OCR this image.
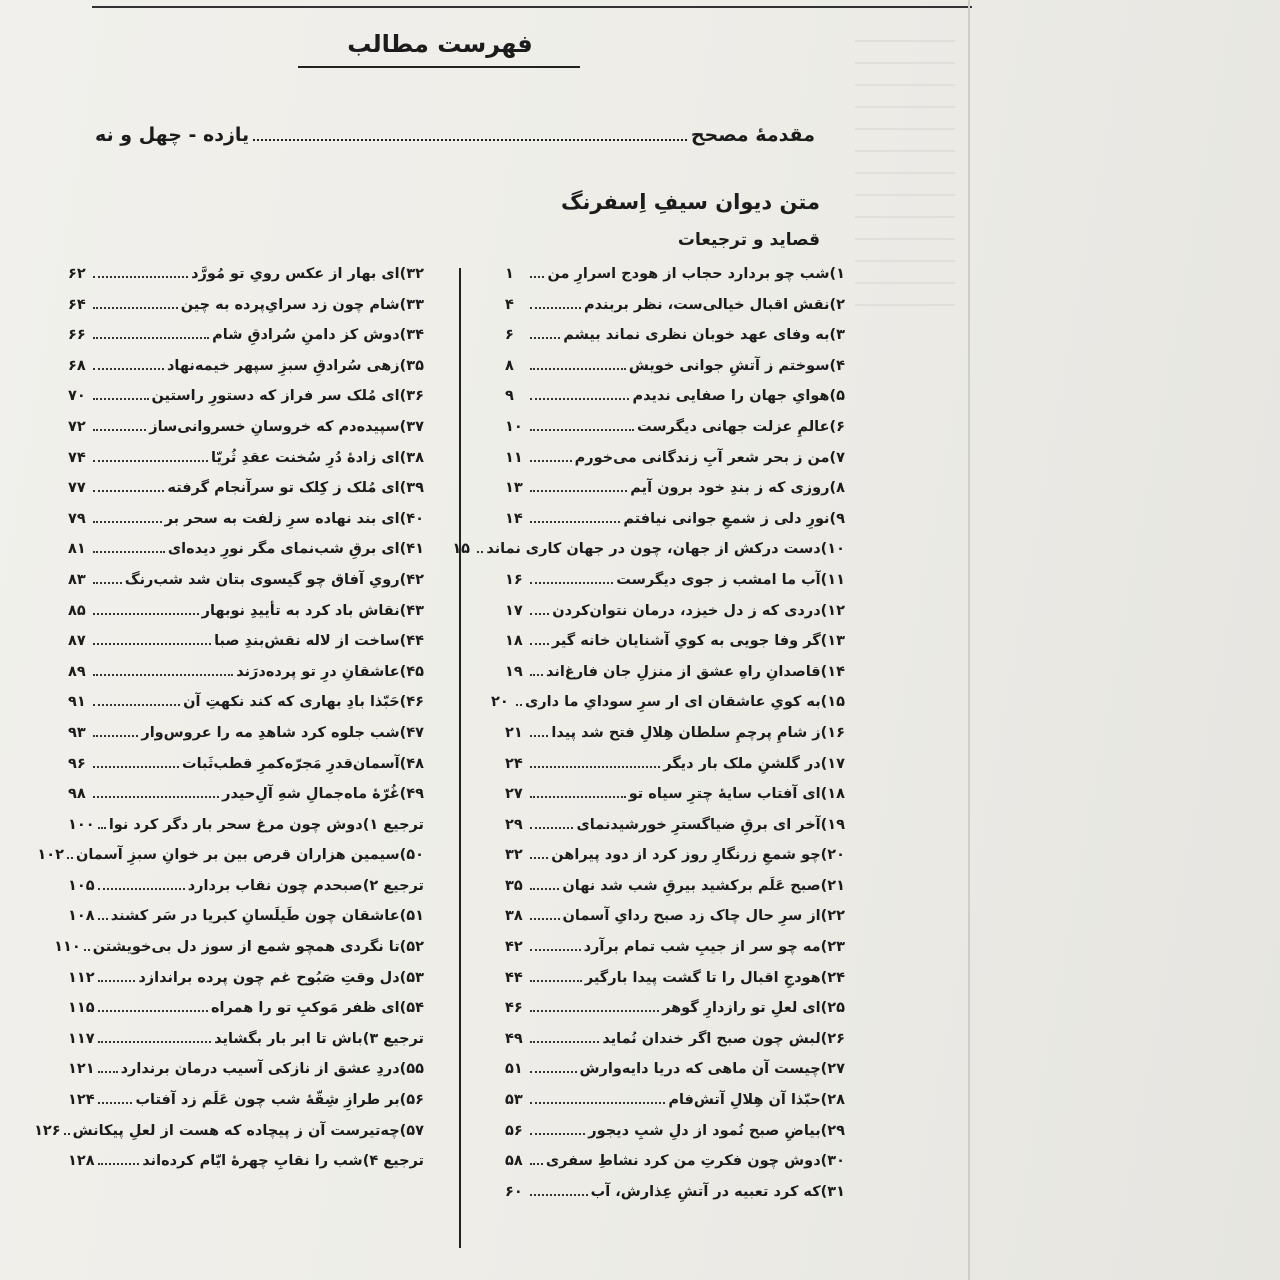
فهرست مطالب
مقدمهٔ مصحح
یازده - چهل و نه
متن دیوان سیفِ اِسفرنگ
قصاید و ترجیعات
۱)
شب چو بردارد حجاب از هودج اسرارِ من
۱
۲)
نقش اقبال خیالی‌ست، نظر بربندم
۴
۳)
به وفای عهد خوبان نظری نماند بیشم
۶
۴)
سوختم ز آتشِ جوانی خویش
۸
۵)
هوایِ جهان را صفایی ندیدم
۹
۶)
عالمِ عزلت جهانی دیگرست
۱۰
۷)
من ز بحر شعر آبِ زندگانی می‌خورم
۱۱
۸)
روزی که ز بندِ خود برون آیم
۱۳
۹)
نورِ دلی ز شمعِ جوانی نیافتم
۱۴
۱۰)
دست درکش از جهان، چون در جهان کاری نماند
۱۵
۱۱)
آب ما امشب ز جوی دیگرست
۱۶
۱۲)
دردی که ز دل خیزد، درمان نتوان‌کردن
۱۷
۱۳)
گر وفا جویی به کویِ آشنایان خانه گیر
۱۸
۱۴)
قاصدانِ راهِ عشق از منزلِ جان فارغ‌اند
۱۹
۱۵)
به کویِ عاشقان ای ار سرِ سودایِ ما داری
۲۰
۱۶)
ز شامِ پرچمِ سلطان هِلالِ فتح شد پیدا
۲۱
۱۷)
در گلشنِ ملک بار دیگر
۲۴
۱۸)
ای آفتاب سایهٔ چترِ سیاه تو
۲۷
۱۹)
آخر ای برقِ ضیاگسترِ خورشیدنمای
۲۹
۲۰)
چو شمعِ زرنگارِ روز کرد از دود پیراهن
۳۲
۲۱)
صبح عَلَم برکشید بیرقِ شب شد نهان
۳۵
۲۲)
از سرِ حال چاک زد صبح ردایِ آسمان
۳۸
۲۳)
مه چو سر از جیبِ شب تمام برآرد
۴۲
۲۴)
هودجِ اقبال را تا گشت پیدا بارگیر
۴۴
۲۵)
ای لعلِ تو رازدارِ گوهر
۴۶
۲۶)
لبش چون صبح اگر خندان نُماید
۴۹
۲۷)
چیست آن ماهی که دریا دایه‌وارش
۵۱
۲۸)
حبّذا آن هِلالِ آتش‌فام
۵۳
۲۹)
بیاضِ صبح نُمود از دلِ شبِ دیجور
۵۶
۳۰)
دوش چون فکرتِ من کرد نشاطِ سفری
۵۸
۳۱)
که کرد تعبیه در آتشِ عِذارش، آب
۶۰
۳۲)
ای بهار از عکس رویِ تو مُورَّد
۶۲
۳۳)
شام چون زد سرایِ‌پرده به چین
۶۴
۳۴)
دوش کز دامنِ سُرادقِ شام
۶۶
۳۵)
زهی سُرادقِ سبزِ سپهر خیمه‌نهاد
۶۸
۳۶)
ای مُلک سر فراز که دستورِ راستین
۷۰
۳۷)
سپیده‌دم که خروسانِ خسروانی‌ساز
۷۲
۳۸)
ای زادهٔ دُرِ سُخنت عقدِ ثُریّا
۷۴
۳۹)
ای مُلک ز کِلک تو سرآنجام گرفته
۷۷
۴۰)
ای بند نهاده سرِ زلفت به سحر بر
۷۹
۴۱)
ای برقِ شب‌نمای مگر نورِ دیده‌ای
۸۱
۴۲)
رویِ آفاق چو گیسوی بتان شد شب‌رنگ
۸۳
۴۳)
نقاش باد کرد به تأییدِ نوبهار
۸۵
۴۴)
ساخت از لاله نقش‌بندِ صبا
۸۷
۴۵)
عاشقانِ درِ تو پرده‌درَند
۸۹
۴۶)
حَبّذا بادِ بهاری که کند نکهتِ آن
۹۱
۴۷)
شب جلوه کرد شاهدِ مه را عروس‌وار
۹۳
۴۸)
آسمان‌قدرِ مَجرّه‌کمرِ قطب‌ثَبات
۹۶
۴۹)
غُرّهٔ ماه‌جمالِ شهِ آلِ‌حیدر
۹۸
ترجیع ۱)
دوش چون مرغ سحر بار دگر کرد نوا
۱۰۰
۵۰)
سیمین هزاران قرص بین بر خوانِ سبزِ آسمان
۱۰۲
ترجیع ۲)
صبحدم چون نقاب بردارد
۱۰۵
۵۱)
عاشقان چون طَیلَسانِ کبریا در سَر کشند
۱۰۸
۵۲)
تا نگردی همچو شمع از سوز دل بی‌خویشتن
۱۱۰
۵۳)
دل وقتِ صَبُوح غم چون پرده براندازد
۱۱۲
۵۴)
ای ظفر مَوکبِ تو را همراه
۱۱۵
ترجیع ۳)
باش تا ابر بار بگشاید
۱۱۷
۵۵)
دردِ عشق از نازکی آسیب درمان برندارد
۱۲۱
۵۶)
بر طرازِ شِقّهٔ شب چون عَلَم زد آفتاب
۱۲۴
۵۷)
چه‌تیرست آن ز پیچاده که هست از لعلِ پیکانش
۱۲۶
ترجیع ۴)
شب را نقابِ چهرهٔ ایّام کرده‌اند
۱۲۸
